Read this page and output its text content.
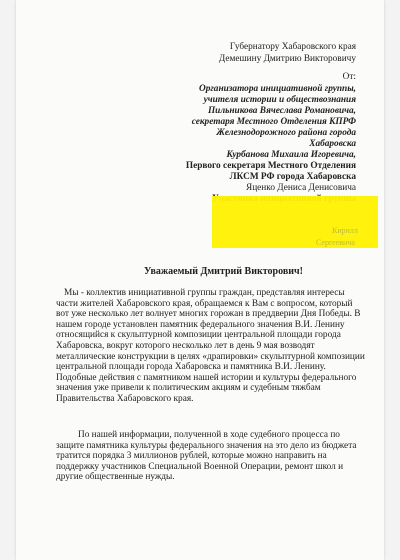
Губернатору Хабаровского края
Демешину Дмитрию Викторовичу
От:
Организатора инициативной группы,
учителя истории и обществознания
Пильникова Вячеслава Романовича,
секретаря Местного Отделения КПРФ
Железнодорожного района города
Хабаровска
Курбанова Михаила Игоревича,
Первого секретаря Местного Отделения
ЛКСМ РФ города Хабаровска
Яценко Дениса Денисовича
Кирилл
Сергеевича
Уважаемый Дмитрий Викторович!
Мы - коллектив инициативной группы граждан, представляя интересы
части жителей Хабаровского края, обращаемся к Вам с вопросом, который
вот уже несколько лет волнует многих горожан в преддверии Дня Победы. В
нашем городе установлен памятник федерального значения В.И. Ленину
относящийся к скульптурной композиции центральной площади города
Хабаровска, вокруг которого несколько лет в день 9 мая возводят
металлические конструкции в целях «драпировки» скульптурной композиции
центральной площади города Хабаровска и памятника В.И. Ленину.
Подобные действия с памятником нашей истории и культуры федерального
значения уже привели к политическим акциям и судебным тяжбам
Правительства Хабаровского края.
По нашей информации, полученной в ходе судебного процесса по
защите памятника культуры федерального значения на это дело из бюджета
тратится порядка 3 миллионов рублей, которые можно направить на
поддержку участников Специальной Военной Операции, ремонт школ и
другие общественные нужды.
